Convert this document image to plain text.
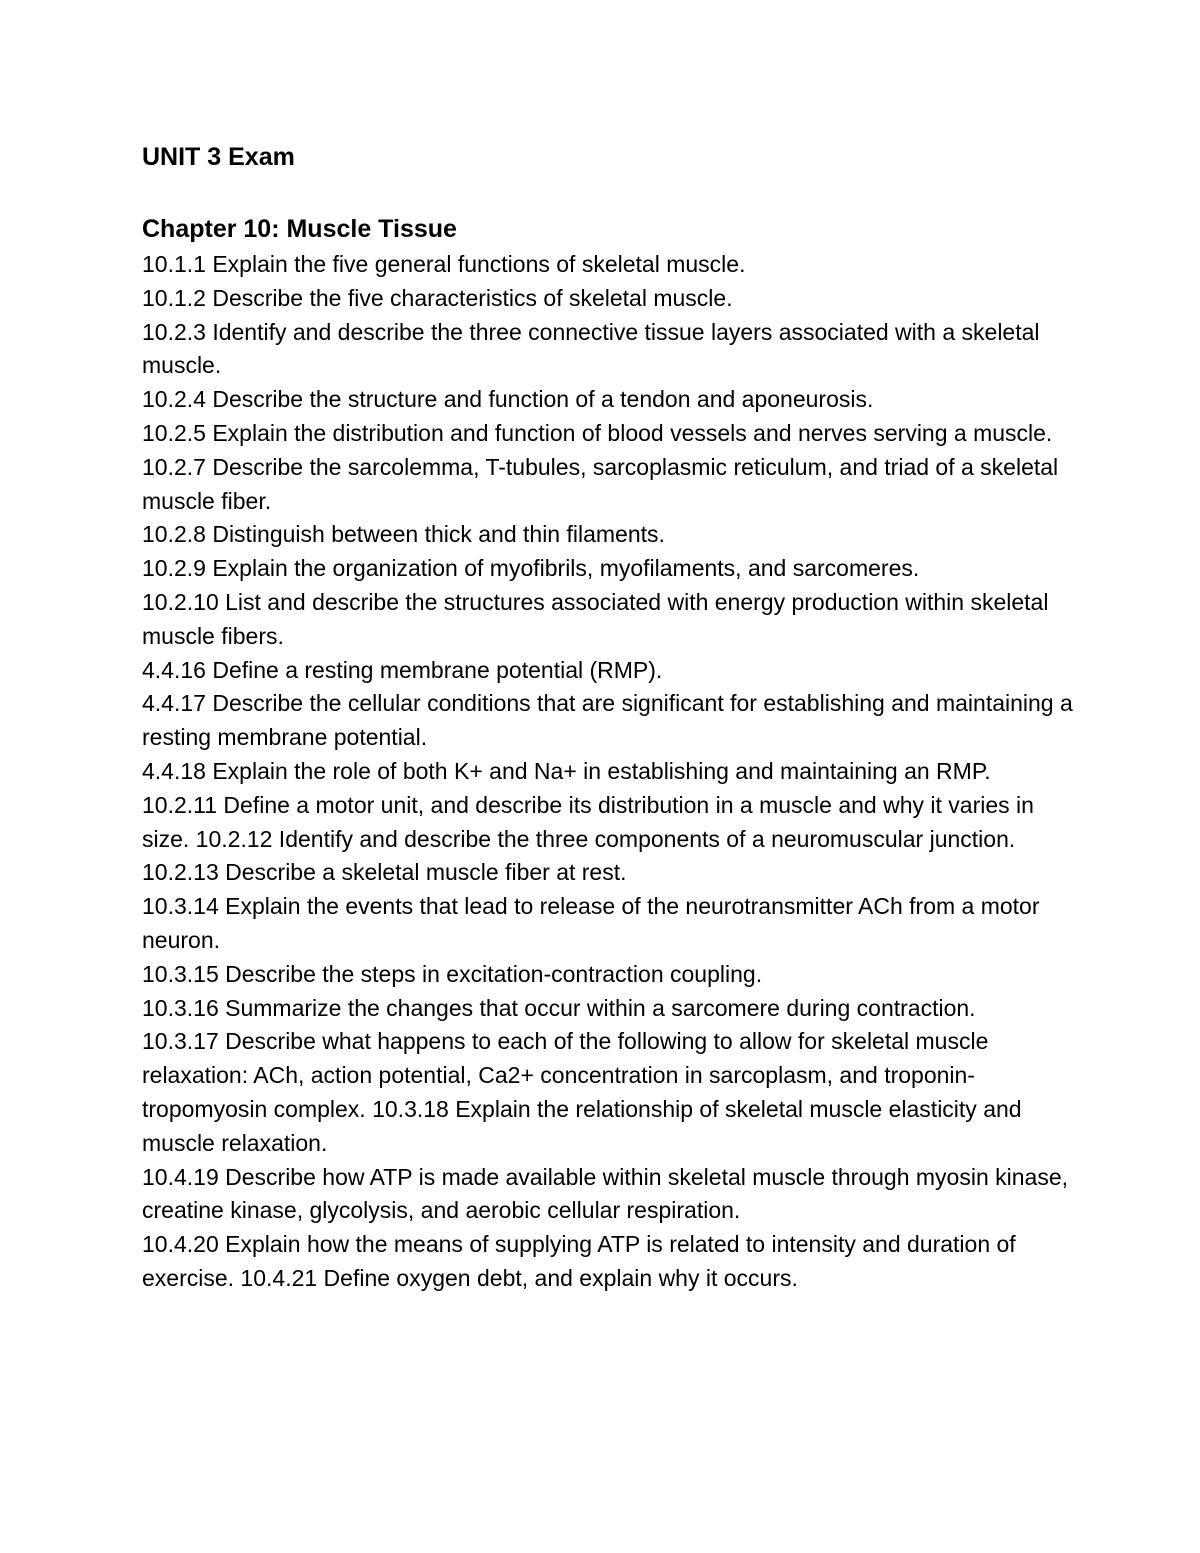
UNIT 3 Exam
Chapter 10: Muscle Tissue
10.1.1 Explain the five general functions of skeletal muscle.
10.1.2 Describe the five characteristics of skeletal muscle.
10.2.3 Identify and describe the three connective tissue layers associated with a skeletal muscle.
10.2.4 Describe the structure and function of a tendon and aponeurosis.
10.2.5 Explain the distribution and function of blood vessels and nerves serving a muscle. 10.2.7 Describe the sarcolemma, T-tubules, sarcoplasmic reticulum, and triad of a skeletal muscle fiber.
10.2.8 Distinguish between thick and thin filaments.
10.2.9 Explain the organization of myofibrils, myofilaments, and sarcomeres.
10.2.10 List and describe the structures associated with energy production within skeletal muscle fibers.
4.4.16 Define a resting membrane potential (RMP).
4.4.17 Describe the cellular conditions that are significant for establishing and maintaining a resting membrane potential.
4.4.18 Explain the role of both K+ and Na+ in establishing and maintaining an RMP.
10.2.11 Define a motor unit, and describe its distribution in a muscle and why it varies in size. 10.2.12 Identify and describe the three components of a neuromuscular junction.
10.2.13 Describe a skeletal muscle fiber at rest.
10.3.14 Explain the events that lead to release of the neurotransmitter ACh from a motor neuron.
10.3.15 Describe the steps in excitation-contraction coupling.
10.3.16 Summarize the changes that occur within a sarcomere during contraction.
10.3.17 Describe what happens to each of the following to allow for skeletal muscle relaxation: ACh, action potential, Ca2+ concentration in sarcoplasm, and troponin-tropomyosin complex. 10.3.18 Explain the relationship of skeletal muscle elasticity and muscle relaxation.
10.4.19 Describe how ATP is made available within skeletal muscle through myosin kinase, creatine kinase, glycolysis, and aerobic cellular respiration.
10.4.20 Explain how the means of supplying ATP is related to intensity and duration of exercise. 10.4.21 Define oxygen debt, and explain why it occurs.
